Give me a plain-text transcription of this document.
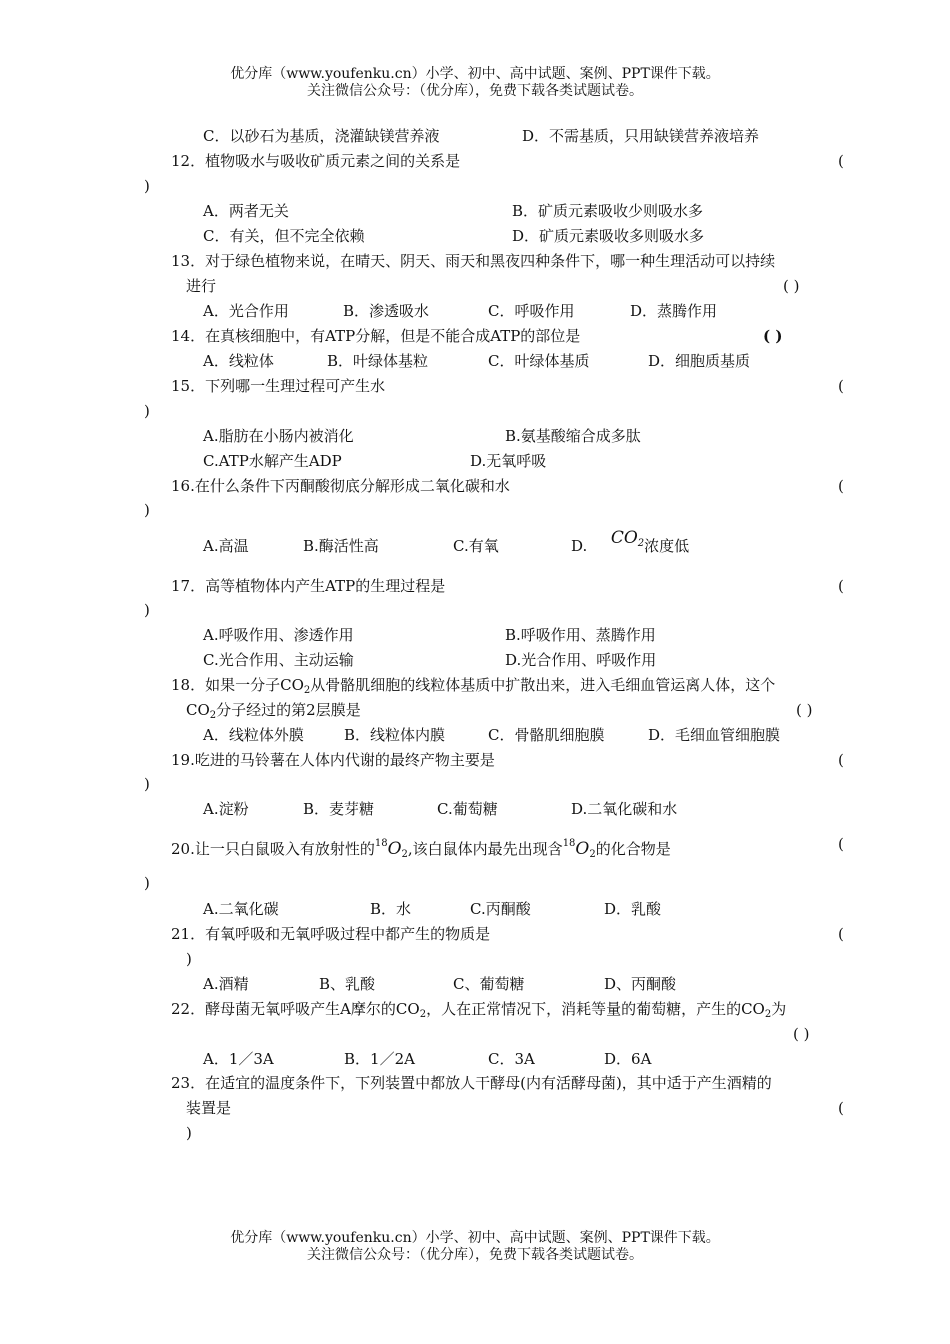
优分库（www.youfenku.cn）小学、初中、高中试题、案例、PPT课件下载。
关注微信公众号：（优分库），免费下载各类试题试卷。
C．以砂石为基质，浇灌缺镁营养液	D．不需基质，只用缺镁营养液培养
12．植物吸水与吸收矿质元素之间的关系是	(
)
A．两者无关	B．矿质元素吸收少则吸水多
C．有关，但不完全依赖	D．矿质元素吸收多则吸水多
13．对于绿色植物来说，在晴天、阴天、雨天和黑夜四种条件下，哪一种生理活动可以持续
进行	( )
A．光合作用	B．渗透吸水	C．呼吸作用	D．蒸腾作用
14．在真核细胞中，有ATP分解，但是不能合成ATP的部位是	( )
A．线粒体	B．叶绿体基粒	C．叶绿体基质	D．细胞质基质
15．下列哪一生理过程可产生水	(
)
A.脂肪在小肠内被消化	B.氨基酸缩合成多肽
C.ATP水解产生ADP	D.无氧呼吸
16.在什么条件下丙酮酸彻底分解形成二氧化碳和水	(
)
A.高温	B.酶活性高	C.有氧	D. $CO_2$浓度低
17．高等植物体内产生ATP的生理过程是	(
)
A.呼吸作用、渗透作用	B.呼吸作用、蒸腾作用
C.光合作用、主动运输	D.光合作用、呼吸作用
18．如果一分子$CO_2$从骨骼肌细胞的线粒体基质中扩散出来，进入毛细血管运离人体，这个
$CO_2$分子经过的第2层膜是	( )
A．线粒体外膜	B．线粒体内膜	C．骨骼肌细胞膜	D．毛细血管细胞膜
19.吃进的马铃薯在人体内代谢的最终产物主要是	(
)
A.淀粉	B．麦芽糖	C.葡萄糖	D.二氧化碳和水
20.让一只白鼠吸入有放射性的$^{18}O_2$,该白鼠体内最先出现含$^{18}O_2$的化合物是	(
)
A.二氧化碳	B．水	C.丙酮酸	D．乳酸
21．有氧呼吸和无氧呼吸过程中都产生的物质是	(
)
A.酒精	B、乳酸	C、葡萄糖	D、丙酮酸
22．酵母菌无氧呼吸产生A摩尔的$CO_2$，人在正常情况下，消耗等量的葡萄糖，产生的$CO_2$为
( )
A．1／3A	B．1／2A	C．3A	D．6A
23．在适宜的温度条件下，下列装置中都放人干酵母(内有活酵母菌)，其中适于产生酒精的
装置是	(
)
优分库（www.youfenku.cn）小学、初中、高中试题、案例、PPT课件下载。
关注微信公众号：（优分库），免费下载各类试题试卷。
